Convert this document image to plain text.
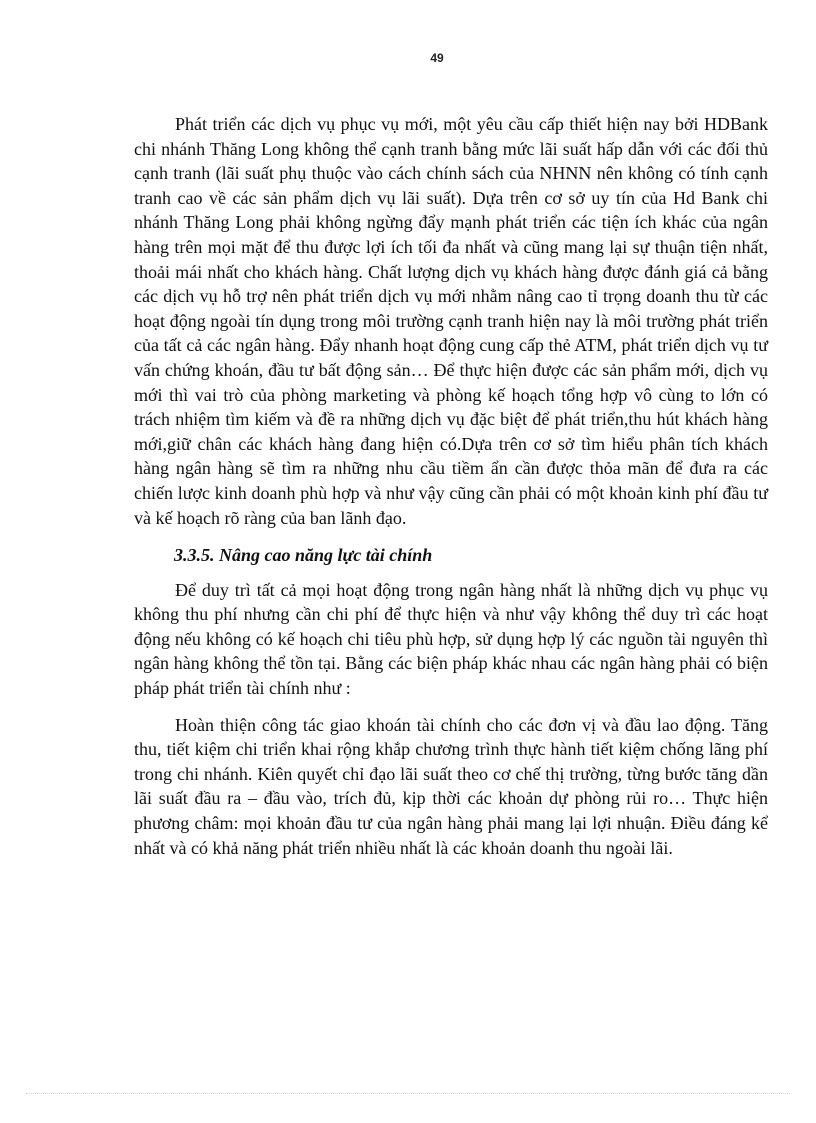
49

Phát triển các dịch vụ phục vụ mới, một yêu cầu cấp thiết hiện nay bởi HDBank chi nhánh Thăng Long không thể cạnh tranh bằng mức lãi suất hấp dẫn với các đối thủ cạnh tranh (lãi suất phụ thuộc vào cách chính sách của NHNN nên không có tính cạnh tranh cao về các sản phẩm dịch vụ lãi suất). Dựa trên cơ sở uy tín của Hd Bank chi nhánh Thăng Long phải không ngừng đẩy mạnh phát triển các tiện ích khác của ngân hàng trên mọi mặt để thu được lợi ích tối đa nhất và cũng mang lại sự thuận tiện nhất, thoải mái nhất cho khách hàng. Chất lượng dịch vụ khách hàng được đánh giá cả bằng các dịch vụ hỗ trợ nên phát triển dịch vụ mới nhằm nâng cao tỉ trọng doanh thu từ các hoạt động ngoài tín dụng trong môi trường cạnh tranh hiện nay là môi trường phát triển của tất cả các ngân hàng. Đẩy nhanh hoạt động cung cấp thẻ ATM, phát triển dịch vụ tư vấn chứng khoán, đầu tư bất động sản… Để thực hiện được các sản phẩm mới, dịch vụ mới thì vai trò của phòng marketing và phòng kế hoạch tổng hợp vô cùng to lớn có trách nhiệm tìm kiếm và đề ra những dịch vụ đặc biệt để phát triển,thu hút khách hàng mới,giữ chân các khách hàng đang hiện có.Dựa trên cơ sở tìm hiểu phân tích khách hàng ngân hàng sẽ tìm ra những nhu cầu tiềm ẩn cần được thỏa mãn để đưa ra các chiến lược kinh doanh phù hợp và như vậy cũng cần phải có một khoản kinh phí đầu tư và kế hoạch rõ ràng của ban lãnh đạo.

3.3.5. Nâng cao năng lực tài chính

Để duy trì tất cả mọi hoạt động trong ngân hàng nhất là những dịch vụ phục vụ không thu phí nhưng cần chi phí để thực hiện và như vậy không thể duy trì các hoạt động nếu không có kế hoạch chi tiêu phù hợp, sử dụng hợp lý các nguồn tài nguyên thì ngân hàng không thể tồn tại. Bằng các biện pháp khác nhau các ngân hàng phải có biện pháp phát triển tài chính như :

Hoàn thiện công tác giao khoán tài chính cho các đơn vị và đầu lao động. Tăng thu, tiết kiệm chi triển khai rộng khắp chương trình thực hành tiết kiệm chống lãng phí trong chi nhánh. Kiên quyết chỉ đạo lãi suất theo cơ chế thị trường, từng bước tăng dần lãi suất đầu ra – đầu vào, trích đủ, kịp thời các khoản dự phòng rủi ro… Thực hiện phương châm: mọi khoản đầu tư của ngân hàng phải mang lại lợi nhuận. Điều đáng kể nhất và có khả năng phát triển nhiều nhất là các khoản doanh thu ngoài lãi.
